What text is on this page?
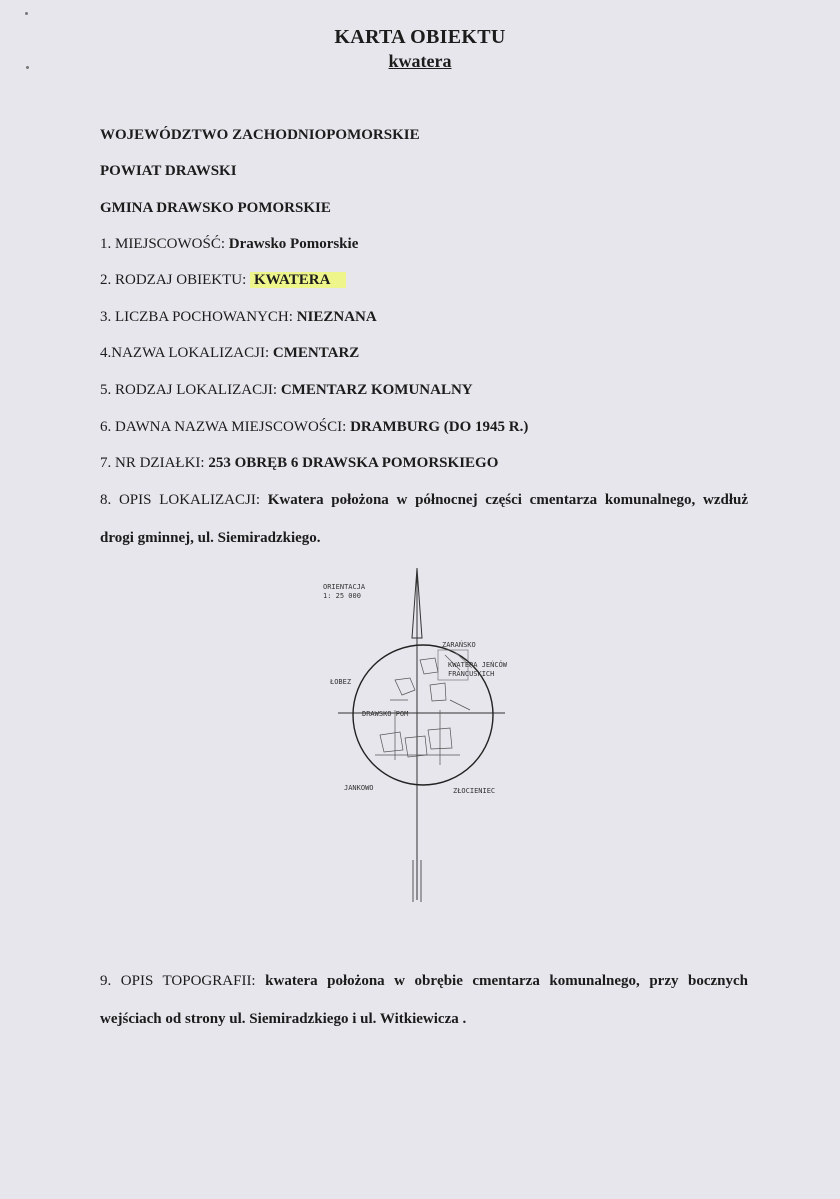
KARTA OBIEKTU
kwatera
WOJEWÓDZTWO ZACHODNIOPOMORSKIE
POWIAT DRAWSKI
GMINA DRAWSKO POMORSKIE
1. MIEJSCOWOŚĆ: Drawsko Pomorskie
2. RODZAJ OBIEKTU: KWATERA
3. LICZBA POCHOWANYCH: NIEZNANA
4.NAZWA LOKALIZACJI: CMENTARZ
5. RODZAJ LOKALIZACJI: CMENTARZ KOMUNALNY
6. DAWNA NAZWA MIEJSCOWOŚCI: DRAMBURG (DO 1945 R.)
7. NR DZIAŁKI: 253 OBRĘB 6 DRAWSKA POMORSKIEGO
8. OPIS LOKALIZACJI: Kwatera położona w północnej części cmentarza komunalnego, wzdłuż
drogi gminnej, ul. Siemiradzkiego.
ORIENTACJA
1: 25 000
ZARAŃSKO
KWATERA JEŃCÓW
FRANCUSKICH
ŁOBEZ
DRAWSKO POM
JANKOWO	ZŁOCIENIEC
9. OPIS TOPOGRAFII: kwatera położona w obrębie cmentarza komunalnego, przy bocznych
wejściach od strony ul. Siemiradzkiego i ul. Witkiewicza .
